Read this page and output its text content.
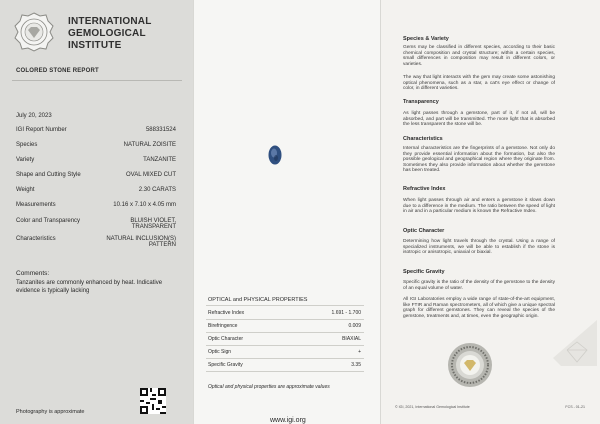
INTERNATIONAL
GEMOLOGICAL
INSTITUTE
COLORED STONE REPORT
July 20, 2023
IGI Report Number	588331524
Species	NATURAL ZOISITE
Variety	TANZANITE
Shape and Cutting Style	OVAL MIXED CUT
Weight	2.30 CARATS
Measurements	10.16 x 7.10 x 4.05 mm
Color and Transparency	BLUISH VIOLET,
TRANSPARENT
Characteristics	NATURAL INCLUSION(S)
PATTERN
Comments:
Tanzanites are commonly enhanced by heat. Indicative evidence is typically lacking
Photography is approximate
OPTICAL and PHYSICAL PROPERTIES
Refractive Index	1.691 - 1.700
Birefringence	0.009
Optic Character	BIAXIAL
Optic Sign	+
Specific Gravity	3.35
Optical and physical properties are approximate values
www.igi.org
Species & Variety
Gems may be classified in different species, according to their basic chemical composition and crystal structure; within a certain species, small differences in composition may result in different colors, or varieties.
The way that light interacts with the gem may create some astonishing optical phenomena, such as a star, a cat's eye effect or change of color, in different varieties.
Transparency
As light passes through a gemstone, part of it, if not all, will be absorbed, and part will be transmitted. The more light that is absorbed the less transparent the stone will be.
Characteristics
Internal characteristics are the fingerprints of a gemstone. Not only do they provide essential information about the formation, but also the possible geological and geographical region where they originate from. Sometimes they also provide information about whether the gemstone has been treated.
Refractive Index
When light passes through air and enters a gemstone it slows down due to a difference in the medium. The ratio between the speed of light in air and in a particular medium is known the Refractive Index.
Optic Character
Determining how light travels through the crystal. Using a range of specialized instruments, we will be able to establish if the stone is isotropic or anisotropic, uniaxial or biaxial.
Specific Gravity
Specific gravity is the ratio of the density of the gemstone to the density of an equal volume of water.
All IGI Laboratories employ a wide range of state-of-the-art equipment, like FTIR and Raman spectrometers, all of which give a unique spectral graph for different gemstones. They can reveal the species of the gemstone, treatments and, at times, even the geographic origin.
© IGI, 2021, International Gemological Institute	FCS - 01-21
